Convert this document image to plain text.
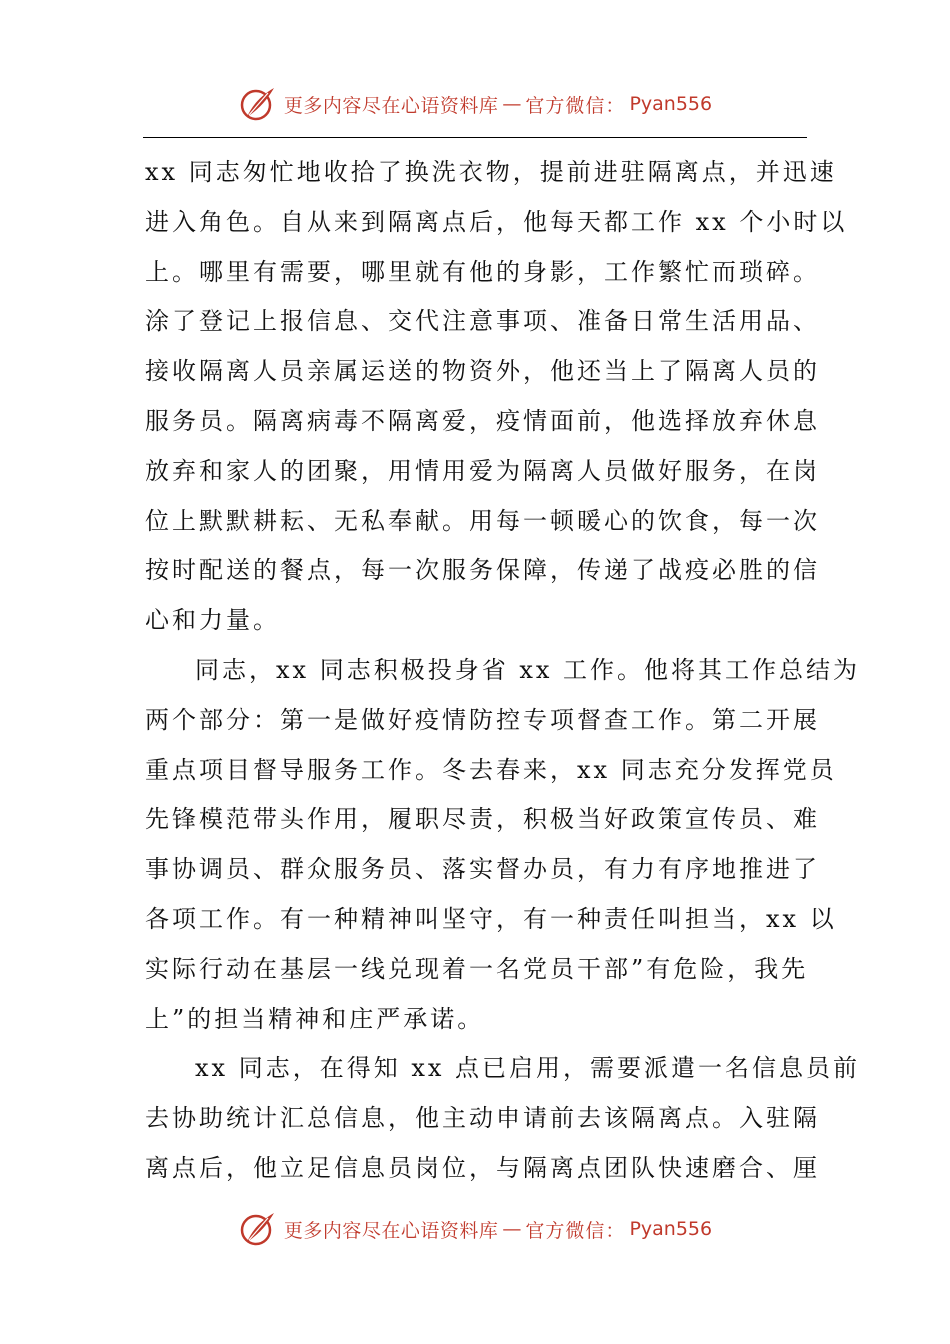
更多内容尽在心语资料库 — 官方微信： Pyan556

xx 同志匆忙地收拾了换洗衣物，提前进驻隔离点，并迅速

进入角色。自从来到隔离点后，他每天都工作 xx 个小时以

上。哪里有需要，哪里就有他的身影，工作繁忙而琐碎。

涂了登记上报信息、交代注意事项、准备日常生活用品、

接收隔离人员亲属运送的物资外，他还当上了隔离人员的

服务员。隔离病毒不隔离爱，疫情面前，他选择放弃休息

放弃和家人的团聚，用情用爱为隔离人员做好服务，在岗

位上默默耕耘、无私奉献。用每一顿暖心的饮食，每一次

按时配送的餐点，每一次服务保障，传递了战疫必胜的信

心和力量。

同志，xx 同志积极投身省 xx 工作。他将其工作总结为

两个部分：第一是做好疫情防控专项督查工作。第二开展

重点项目督导服务工作。冬去春来，xx 同志充分发挥党员

先锋模范带头作用，履职尽责，积极当好政策宣传员、难

事协调员、群众服务员、落实督办员，有力有序地推进了

各项工作。有一种精神叫坚守，有一种责任叫担当，xx 以

实际行动在基层一线兑现着一名党员干部”有危险，我先

上”的担当精神和庄严承诺。

xx 同志，在得知 xx 点已启用，需要派遣一名信息员前

去协助统计汇总信息，他主动申请前去该隔离点。入驻隔

离点后，他立足信息员岗位，与隔离点团队快速磨合、厘

更多内容尽在心语资料库 — 官方微信： Pyan556
